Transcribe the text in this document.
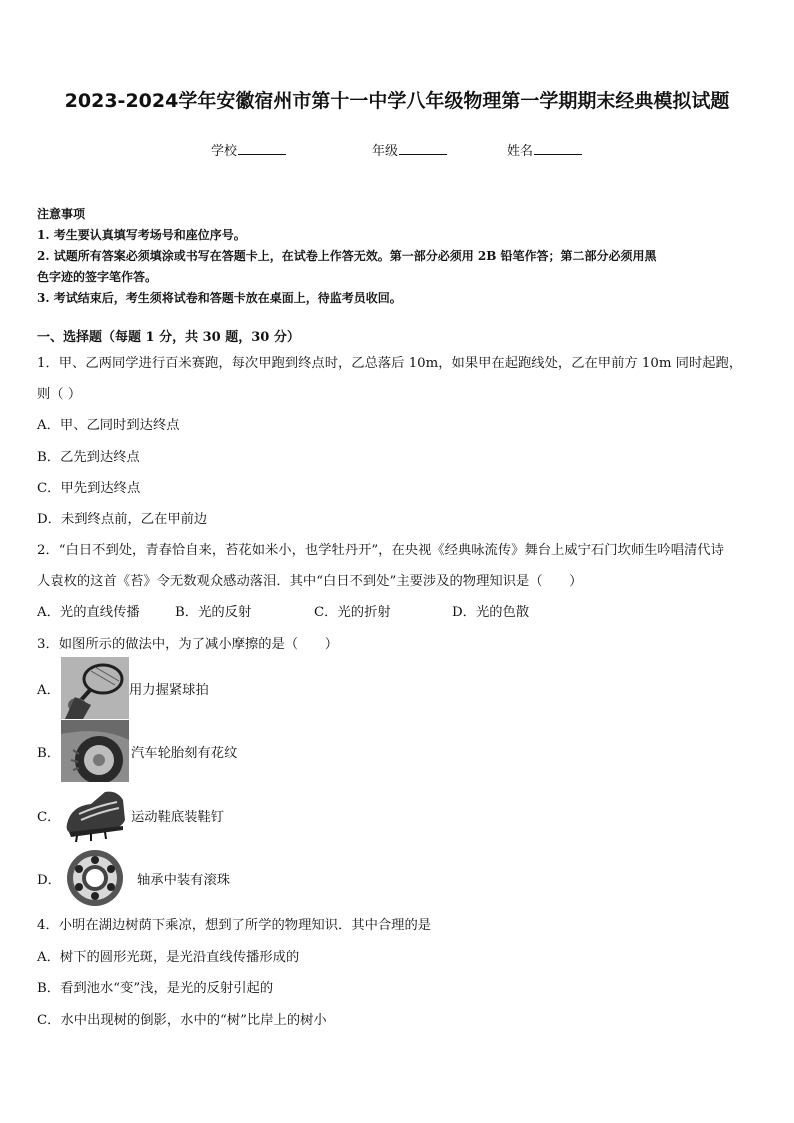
2023-2024学年安徽宿州市第十一中学八年级物理第一学期期末经典模拟试题
学校	年级	姓名

注意事项

1. 考生要认真填写考场号和座位序号。

2. 试题所有答案必须填涂或书写在答题卡上，在试卷上作答无效。第一部分必须用 2B 铅笔作答；第二部分必须用黑

色字迹的签字笔作答。

3. 考试结束后，考生须将试卷和答题卡放在桌面上，待监考员收回。

一、选择题（每题 1 分，共 30 题，30 分）
1．甲、乙两同学进行百米赛跑，每次甲跑到终点时，乙总落后 10m，如果甲在起跑线处，乙在甲前方 10m 同时起跑，
则（ ）
A．甲、乙同时到达终点
B．乙先到达终点
C．甲先到达终点
D．未到终点前，乙在甲前边
2．“白日不到处，青春恰自来，苔花如米小，也学牡丹开”，在央视《经典咏流传》舞台上威宁石门坎师生吟唱清代诗
人袁枚的这首《苔》令无数观众感动落泪．其中“白日不到处”主要涉及的物理知识是（　　）
A．光的直线传播	B．光的反射	C．光的折射	D．光的色散
3．如图所示的做法中，为了减小摩擦的是（　　）
A．	用力握紧球拍
B．	汽车轮胎刻有花纹
C．	运动鞋底装鞋钉
D．	轴承中装有滚珠
4．小明在湖边树荫下乘凉，想到了所学的物理知识．其中合理的是
A．树下的圆形光斑，是光沿直线传播形成的
B．看到池水“变”浅，是光的反射引起的
C．水中出现树的倒影，水中的“树”比岸上的树小
